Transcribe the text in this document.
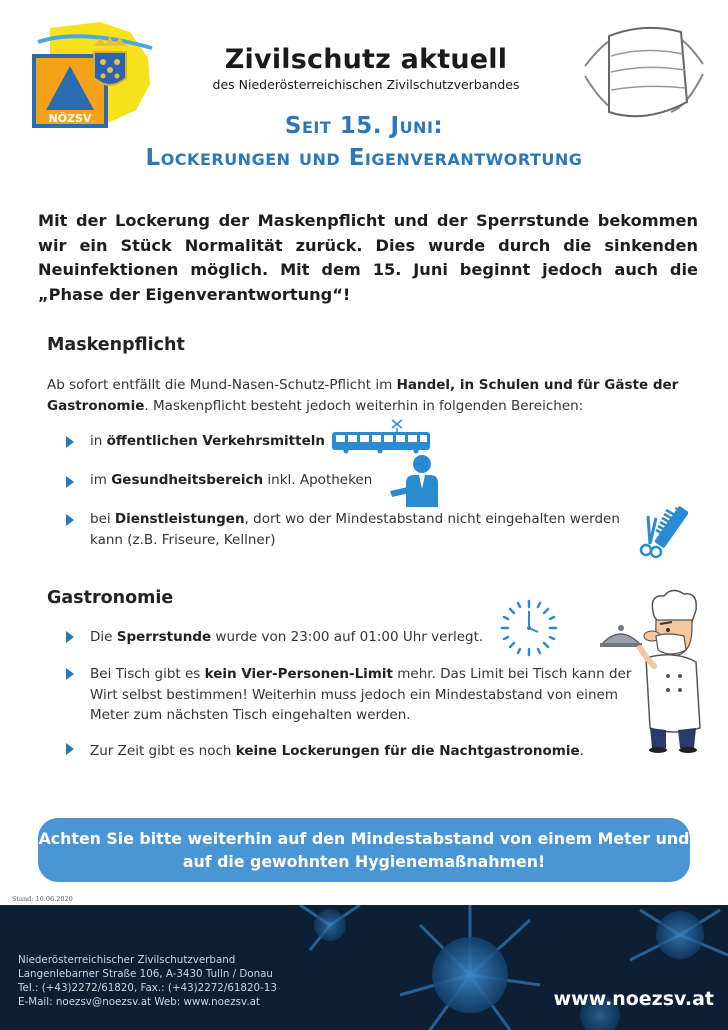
NÖZSV
Zivilschutz aktuell
des Niederösterreichischen Zivilschutzverbandes
Seit 15. Juni:
Lockerungen und Eigenverantwortung
Mit der Lockerung der Maskenpflicht und der Sperrstunde bekommen wir ein Stück Normalität zurück. Dies wurde durch die sinkenden Neuinfektionen möglich. Mit dem 15. Juni beginnt jedoch auch die „Phase der Eigenverantwortung“!
Maskenpflicht
Ab sofort entfällt die Mund-Nasen-Schutz-Pflicht im Handel, in Schulen und für Gäste der Gastronomie. Maskenpflicht besteht jedoch weiterhin in folgenden Bereichen:
in öffentlichen Verkehrsmitteln
im Gesundheitsbereich inkl. Apotheken
bei Dienstleistungen, dort wo der Mindestabstand nicht eingehalten werden kann (z.B. Friseure, Kellner)
Gastronomie
Die Sperrstunde wurde von 23:00 auf 01:00 Uhr verlegt.
Bei Tisch gibt es kein Vier-Personen-Limit mehr. Das Limit bei Tisch kann der Wirt selbst bestimmen! Weiterhin muss jedoch ein Mindestabstand von einem Meter zum nächsten Tisch eingehalten werden.
Zur Zeit gibt es noch keine Lockerungen für die Nachtgastronomie.
Achten Sie bitte weiterhin auf den Mindestabstand von einem Meter und auf die gewohnten Hygienemaßnahmen!
Stand: 16.06.2020
Niederösterreichischer Zivilschutzverband
Langenlebarner Straße 106, A-3430 Tulln / Donau
Tel.: (+43)2272/61820, Fax.: (+43)2272/61820-13
E-Mail: noezsv@noezsv.at Web: www.noezsv.at	www.noezsv.at
